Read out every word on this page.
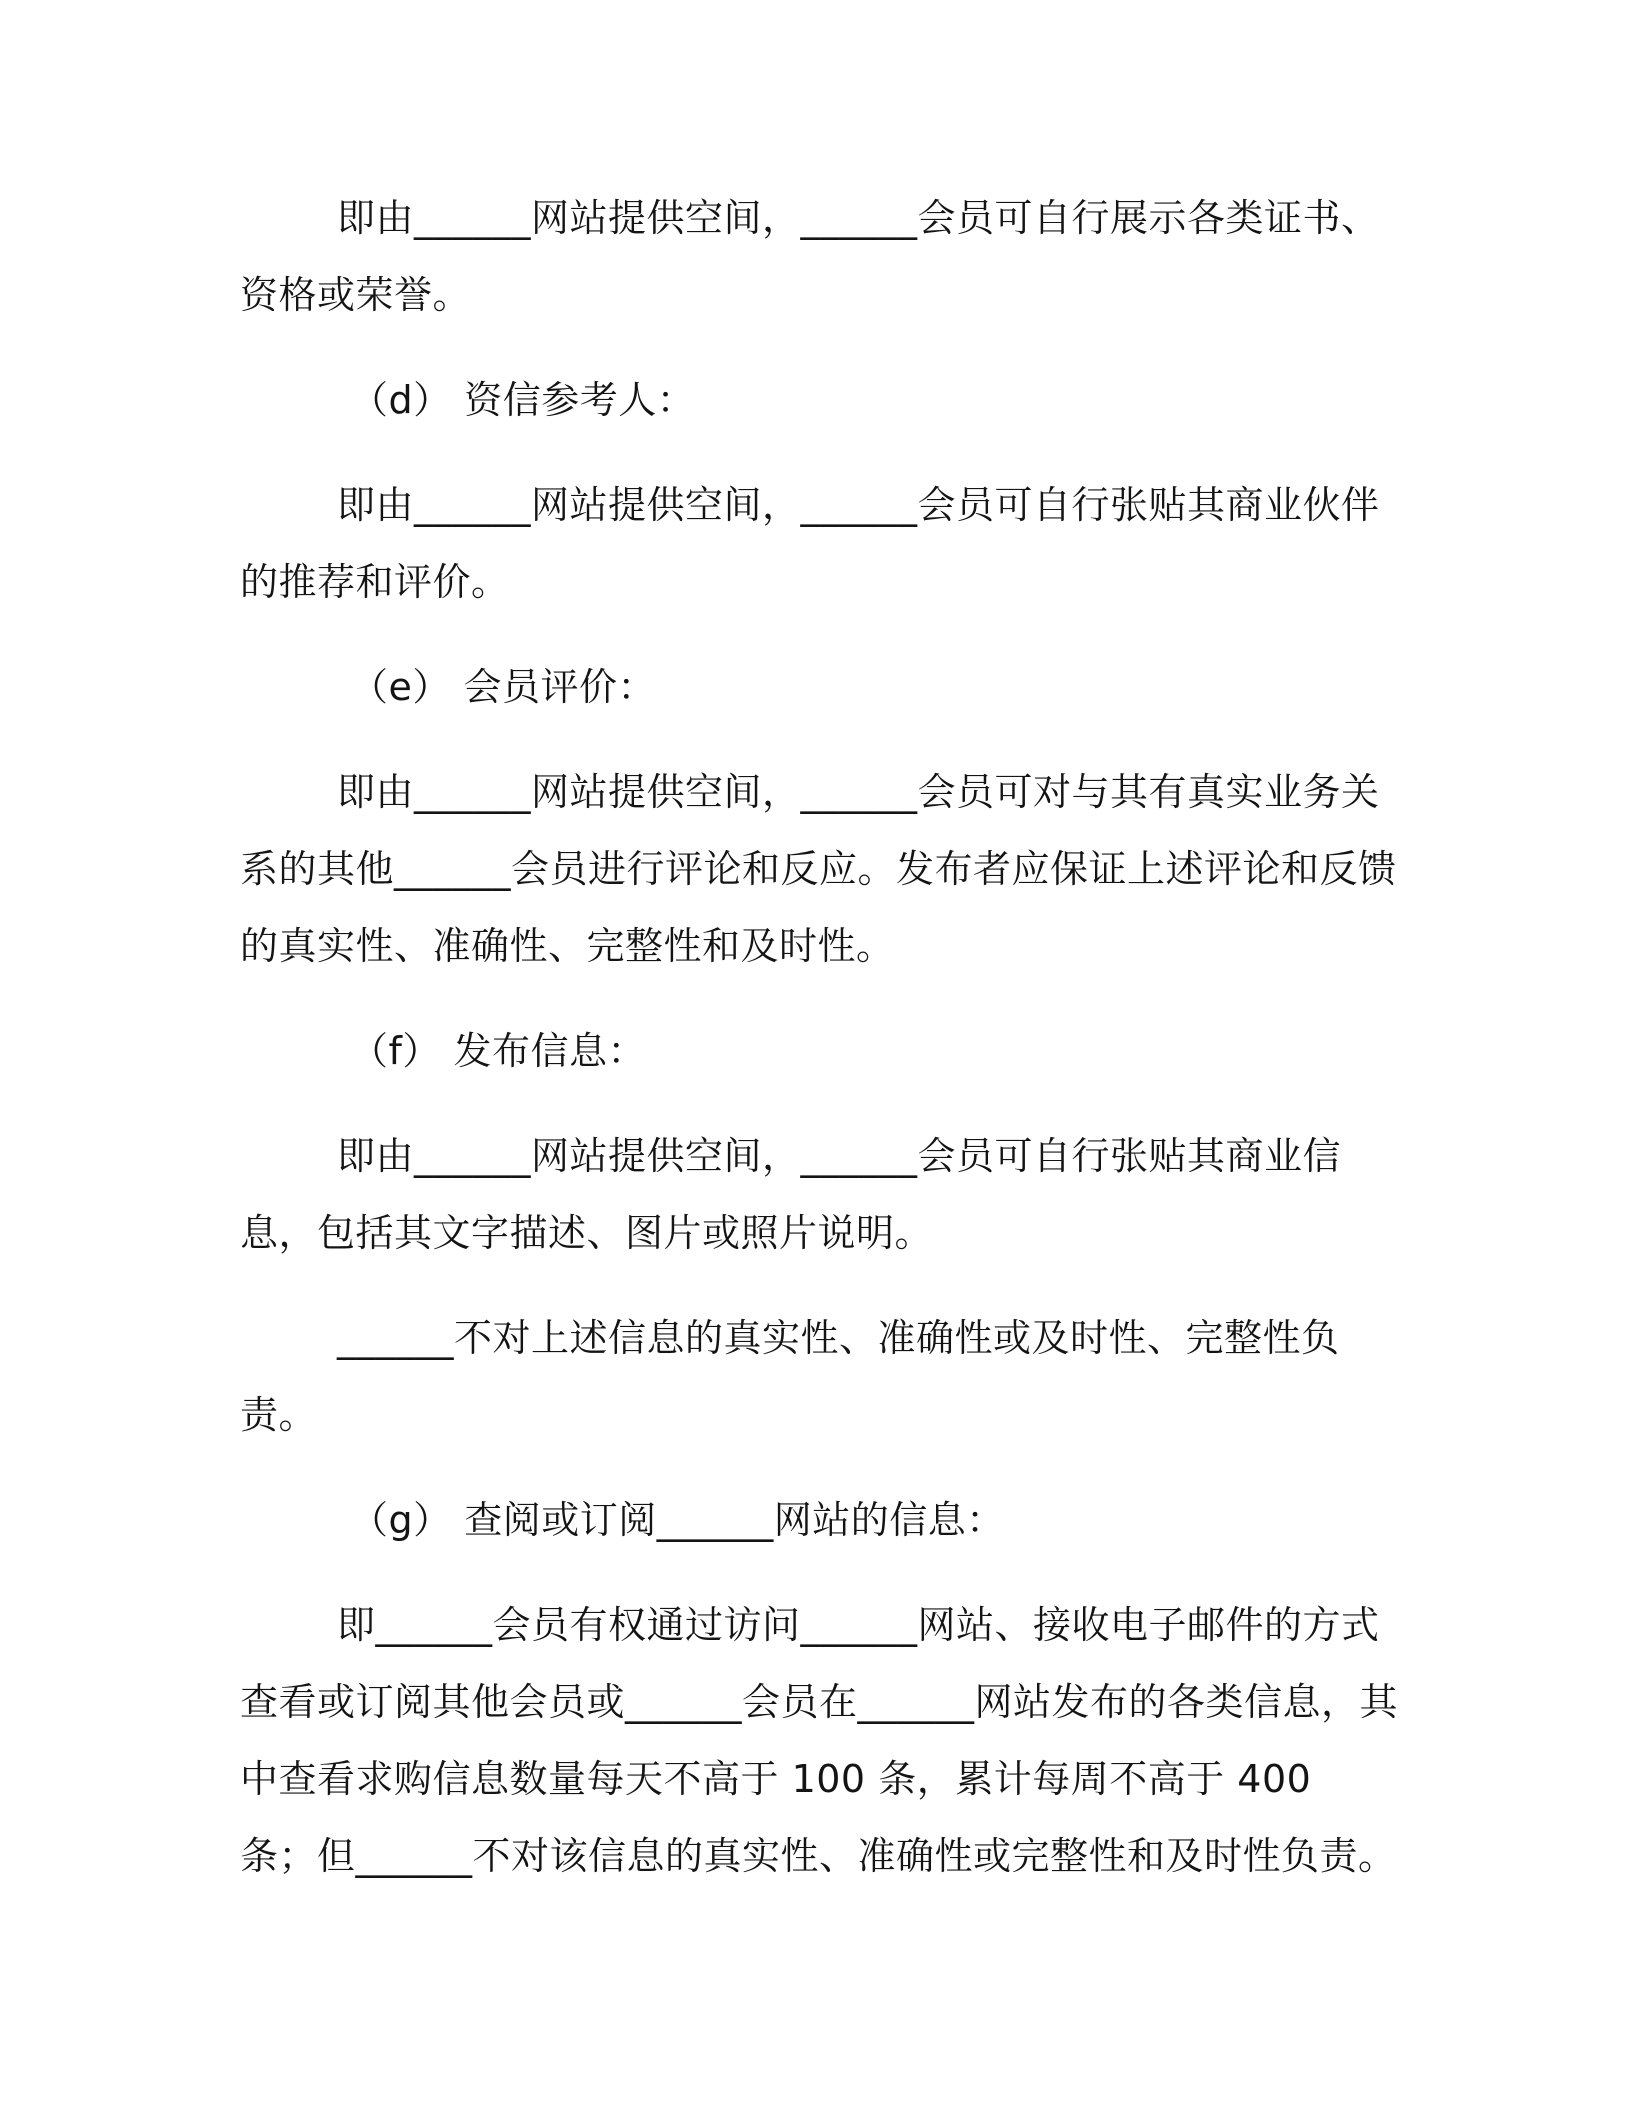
即由______网站提供空间，______会员可自行展示各类证书、资格或荣誉。

（d） 资信参考人：

即由______网站提供空间，______会员可自行张贴其商业伙伴的推荐和评价。

（e） 会员评价：

即由______网站提供空间，______会员可对与其有真实业务关系的其他______会员进行评论和反应。发布者应保证上述评论和反馈的真实性、准确性、完整性和及时性。

（f） 发布信息：

即由______网站提供空间，______会员可自行张贴其商业信息，包括其文字描述、图片或照片说明。

______不对上述信息的真实性、准确性或及时性、完整性负责。

（g） 查阅或订阅______网站的信息：

即______会员有权通过访问______网站、接收电子邮件的方式查看或订阅其他会员或______会员在______网站发布的各类信息，其中查看求购信息数量每天不高于 100 条，累计每周不高于 400 条；但______不对该信息的真实性、准确性或完整性和及时性负责。
